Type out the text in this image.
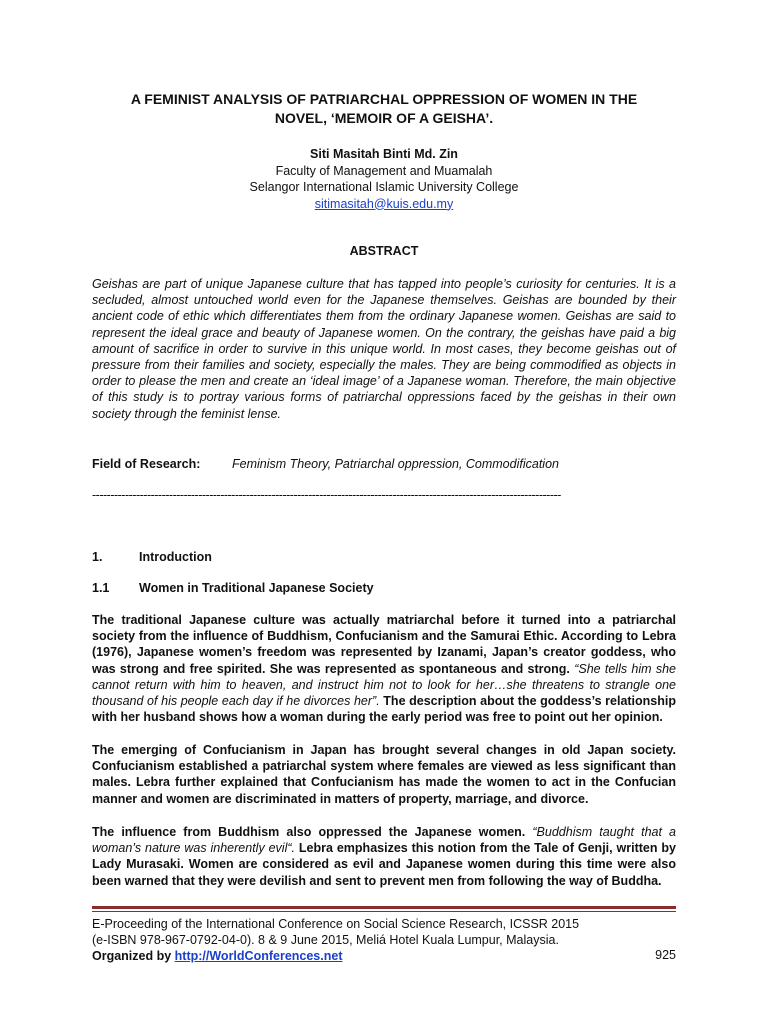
A FEMINIST ANALYSIS OF PATRIARCHAL OPPRESSION OF WOMEN IN THE
NOVEL, ‘MEMOIR OF A GEISHA’.
Siti Masitah Binti Md. Zin
Faculty of Management and Muamalah
Selangor International Islamic University College
sitimasitah@kuis.edu.my
ABSTRACT
Geishas are part of unique Japanese culture that has tapped into people’s curiosity for centuries. It is a secluded, almost untouched world even for the Japanese themselves. Geishas are bounded by their ancient code of ethic which differentiates them from the ordinary Japanese women. Geishas are said to represent the ideal grace and beauty of Japanese women. On the contrary, the geishas have paid a big amount of sacrifice in order to survive in this unique world. In most cases, they become geishas out of pressure from their families and society, especially the males. They are being commodified as objects in order to please the men and create an ‘ideal image’ of a Japanese woman. Therefore, the main objective of this study is to portray various forms of patriarchal oppressions faced by the geishas in their own society through the feminist lense.
Field of Research:	Feminism Theory, Patriarchal oppression, Commodification
--------------------------------------------------------------------------------------------------------------------------------
1.	Introduction
1.1 Women in Traditional Japanese Society
The traditional Japanese culture was actually matriarchal before it turned into a patriarchal society from the influence of Buddhism, Confucianism and the Samurai Ethic. According to Lebra (1976), Japanese women’s freedom was represented by Izanami, Japan’s creator goddess, who was strong and free spirited. She was represented as spontaneous and strong. “She tells him she cannot return with him to heaven, and instruct him not to look for her…she threatens to strangle one thousand of his people each day if he divorces her”. The description about the goddess’s relationship with her husband shows how a woman during the early period was free to point out her opinion.
The emerging of Confucianism in Japan has brought several changes in old Japan society. Confucianism established a patriarchal system where females are viewed as less significant than males. Lebra further explained that Confucianism has made the women to act in the Confucian manner and women are discriminated in matters of property, marriage, and divorce.
The influence from Buddhism also oppressed the Japanese women. “Buddhism taught that a woman’s nature was inherently evil“. Lebra emphasizes this notion from the Tale of Genji, written by Lady Murasaki. Women are considered as evil and Japanese women during this time were also been warned that they were devilish and sent to prevent men from following the way of Buddha.
E-Proceeding of the International Conference on Social Science Research, ICSSR 2015
(e-ISBN 978-967-0792-04-0). 8 & 9 June 2015, Meliá Hotel Kuala Lumpur, Malaysia.
Organized by http://WorldConferences.net	925
